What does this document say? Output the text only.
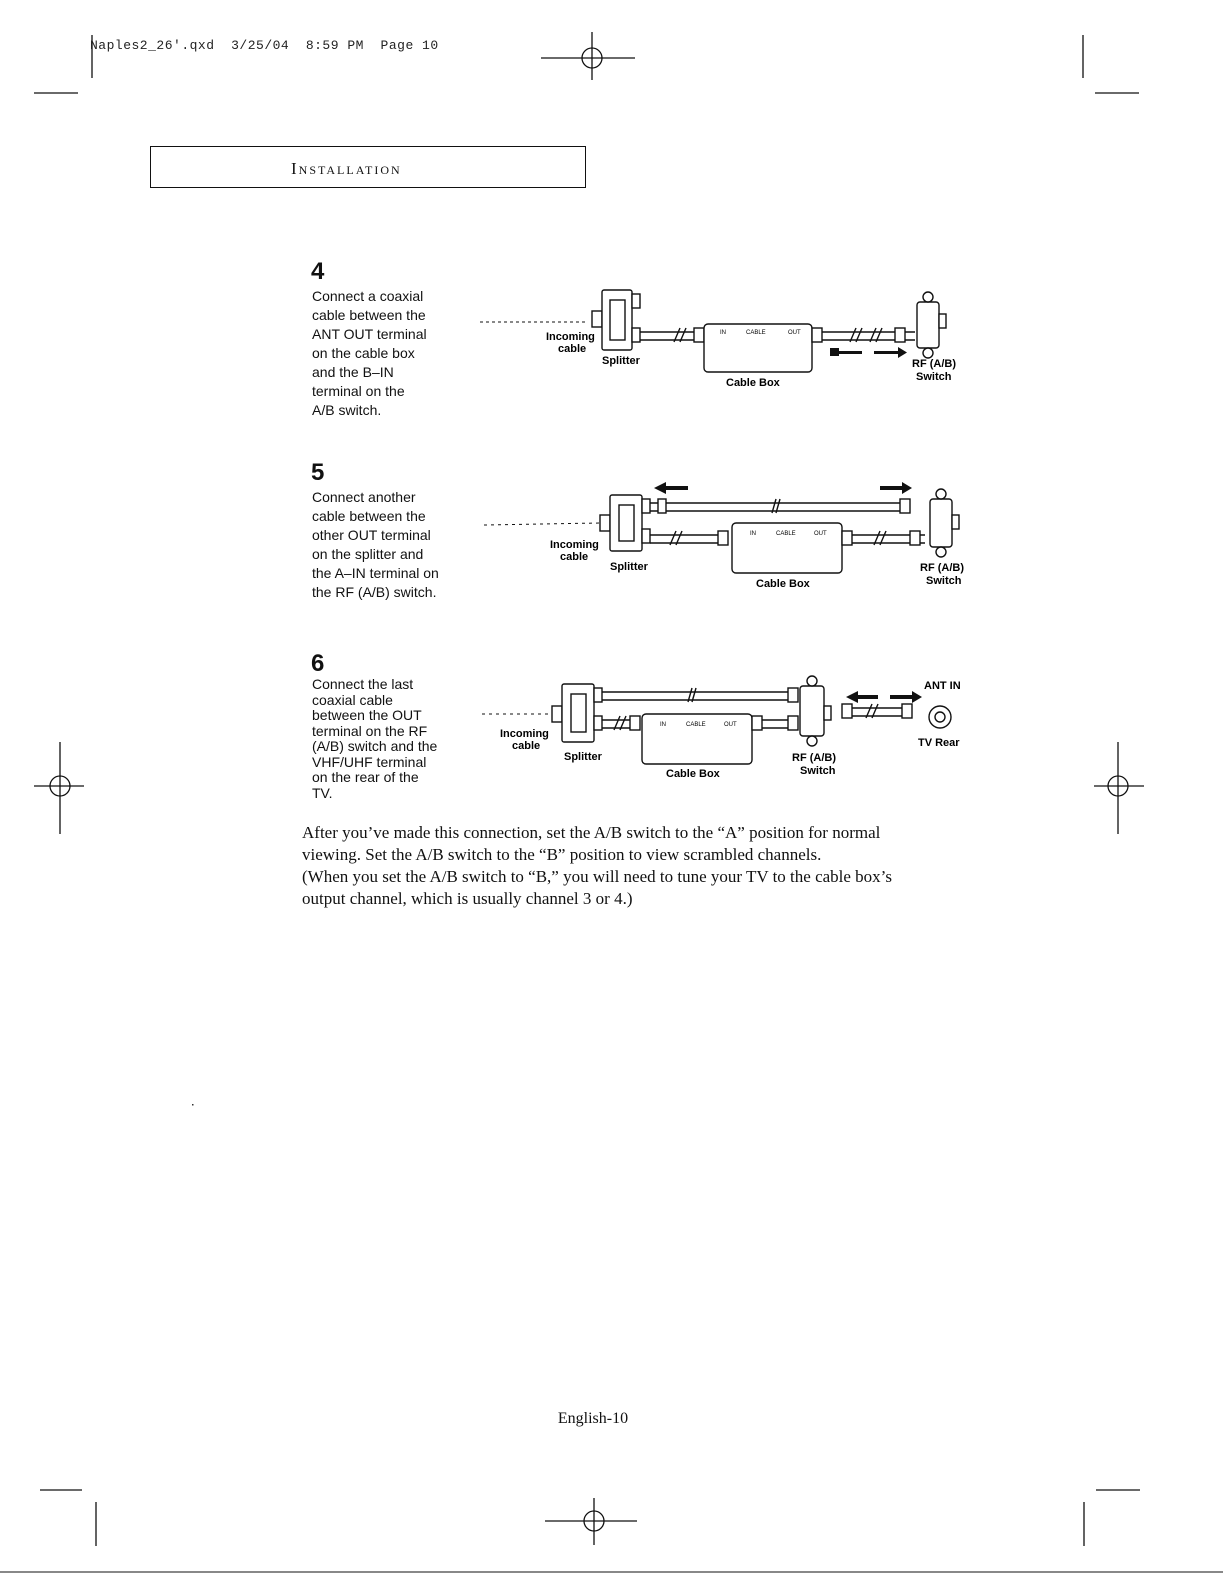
Naples2_26'.qxd  3/25/04  8:59 PM  Page 10
Installation
4
Connect a coaxial
cable between the
ANT OUT terminal
on the cable box
and the B–IN
terminal on the
A/B switch.
IN	CABLE	OUT
Incoming
cable
Splitter
Cable Box
RF (A/B)
Switch
5
Connect another
cable between the
other OUT terminal
on the splitter and
the A–IN terminal on
the RF (A/B) switch.
IN	CABLE	OUT
Incoming
cable
Splitter
Cable Box
RF (A/B)
Switch
6
Connect the last
coaxial cable
between the OUT
terminal on the RF
(A/B) switch and the
VHF/UHF terminal
on the rear of the
TV.
IN	CABLE	OUT
ANT IN
TV Rear
Incoming
cable
Splitter
Cable Box
RF (A/B)
Switch
After you’ve made this connection, set the A/B switch to the “A” position for normal
viewing. Set the A/B switch to the “B” position to view scrambled channels.
(When you set the A/B switch to “B,” you will need to tune your TV to the cable box’s
output channel, which is usually channel 3 or 4.)
English-10
